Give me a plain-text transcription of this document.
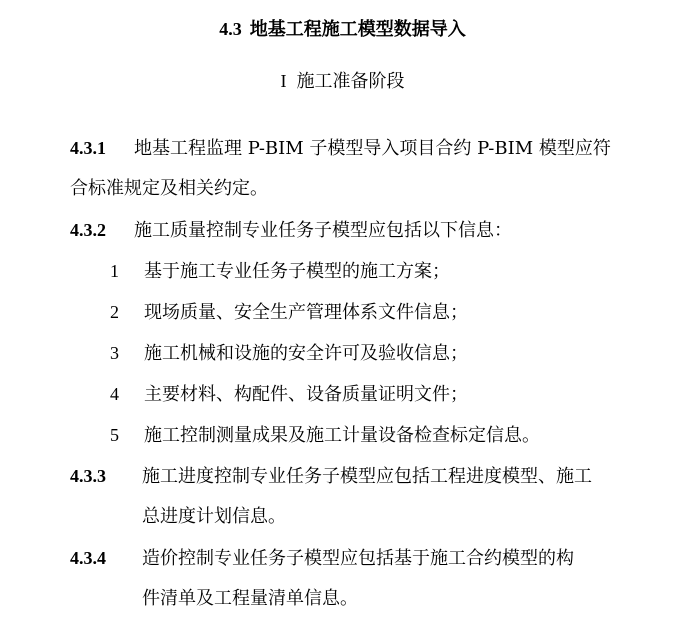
4.3 地基工程施工模型数据导入
I 施工准备阶段
4.3.1 地基工程监理 P-BIM 子模型导入项目合约 P-BIM 模型应符
合标准规定及相关约定。
4.3.2 施工质量控制专业任务子模型应包括以下信息：
1 基于施工专业任务子模型的施工方案；
2 现场质量、安全生产管理体系文件信息；
3 施工机械和设施的安全许可及验收信息；
4 主要材料、构配件、设备质量证明文件；
5 施工控制测量成果及施工计量设备检查标定信息。
4.3.3 施工进度控制专业任务子模型应包括工程进度模型、施工
总进度计划信息。
4.3.4 造价控制专业任务子模型应包括基于施工合约模型的构
件清单及工程量清单信息。
